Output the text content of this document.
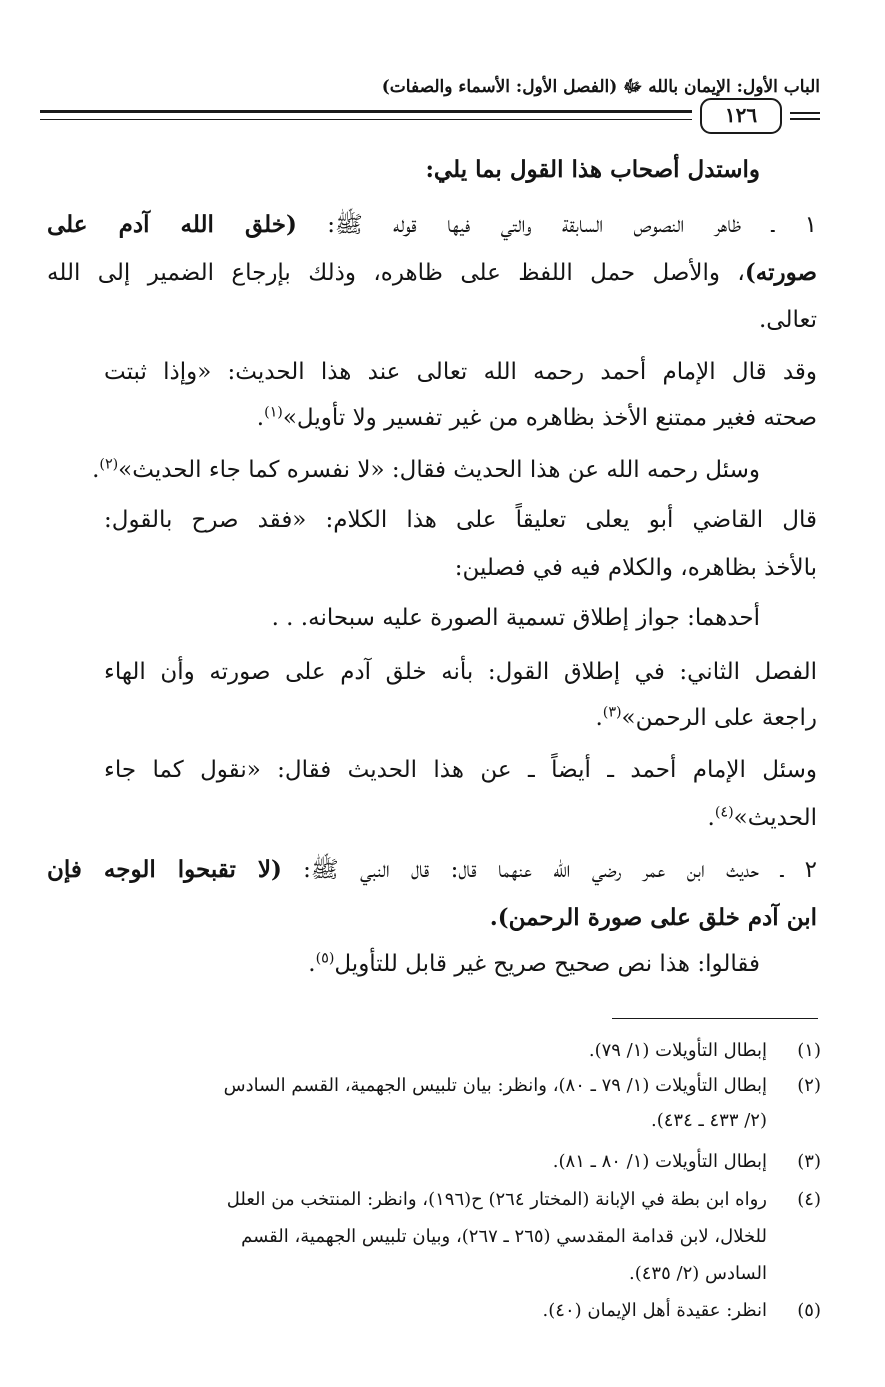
الباب الأول: الإيمان بالله ﷻ (الفصل الأول: الأسماء والصفات)
١٢٦
واستدل أصحاب هذا القول بما يلي:
١ ـ ظاهر النصوص السابقة والتي فيها قوله ﷺ: (خلق الله آدم على
صورته)، والأصل حمل اللفظ على ظاهره، وذلك بإرجاع الضمير إلى الله
تعالى.
وقد قال الإمام أحمد رحمه الله تعالى عند هذا الحديث: «وإذا ثبتت
صحته فغير ممتنع الأخذ بظاهره من غير تفسير ولا تأويل»$^{(١)}$.
وسئل رحمه الله عن هذا الحديث فقال: «لا نفسره كما جاء الحديث»$^{(٢)}$.
قال القاضي أبو يعلى تعليقاً على هذا الكلام: «فقد صرح بالقول:
بالأخذ بظاهره، والكلام فيه في فصلين:
أحدهما: جواز إطلاق تسمية الصورة عليه سبحانه. . .
الفصل الثاني: في إطلاق القول: بأنه خلق آدم على صورته وأن الهاء
راجعة على الرحمن»$^{(٣)}$.
وسئل الإمام أحمد ـ أيضاً ـ عن هذا الحديث فقال: «نقول كما جاء
الحديث»$^{(٤)}$.
٢ ـ حديث ابن عمر رضي الله عنهما قال: قال النبي ﷺ: (لا تقبحوا الوجه فإن
ابن آدم خلق على صورة الرحمن).
فقالوا: هذا نص صحيح صريح غير قابل للتأويل$^{(٥)}$.
(١)
إبطال التأويلات (١/ ٧٩).
(٢)
إبطال التأويلات (١/ ٧٩ ـ ٨٠)، وانظر: بيان تلبيس الجهمية، القسم السادس
(٢/ ٤٣٣ ـ ٤٣٤).
(٣)
إبطال التأويلات (١/ ٨٠ ـ ٨١).
(٤)
رواه ابن بطة في الإبانة (المختار ٢٦٤) ح(١٩٦)، وانظر: المنتخب من العلل
للخلال، لابن قدامة المقدسي (٢٦٥ ـ ٢٦٧)، وبيان تلبيس الجهمية، القسم
السادس (٢/ ٤٣٥).
(٥)
انظر: عقيدة أهل الإيمان (٤٠).
